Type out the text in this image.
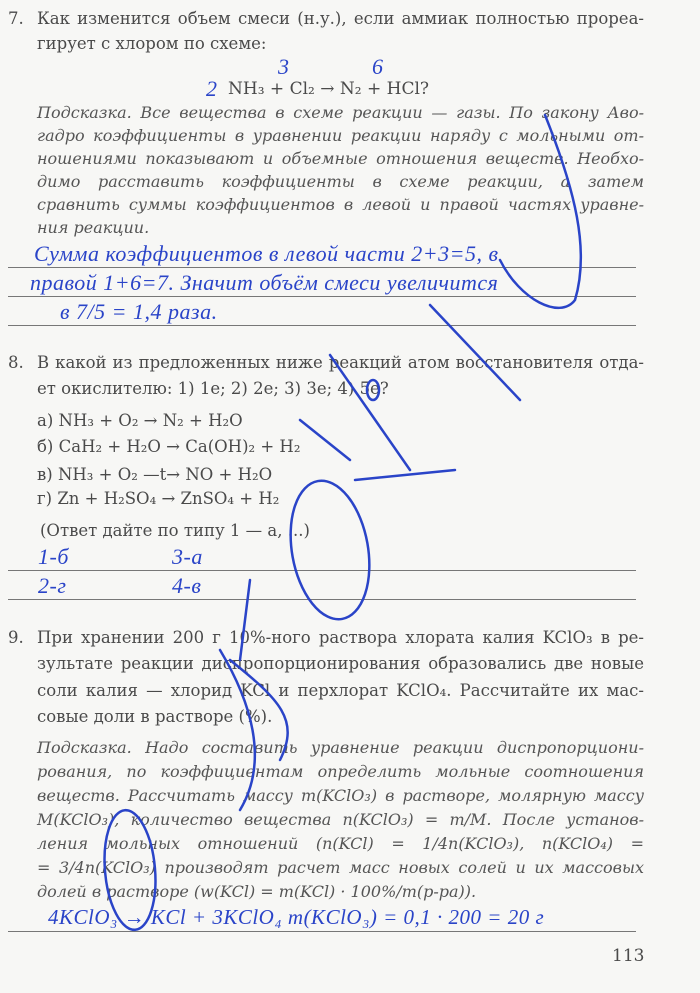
7. Как изменится объем смеси (н.у.), если аммиак полностью прореа-
гирует с хлором по схеме:
2
3	6
NH₃ + Cl₂ → N₂ + HCl?
Подсказка. Все вещества в схеме реакции — газы. По закону Аво-
гадро коэффициенты в уравнении реакции наряду с мольными от-
ношениями показывают и объемные отношения веществ. Необхо-
димо расставить коэффициенты в схеме реакции, а затем
сравнить суммы коэффициентов в левой и правой частях уравне-
ния реакции.
Сумма коэффициентов в левой части 2+3=5, в
правой 1+6=7. Значит объём смеси увеличится
в 7/5 = 1,4 раза.
8. В какой из предложенных ниже реакций атом восстановителя отда-
ет окислителю: 1) 1e; 2) 2e; 3) 3e; 4) 5e?
а) NH₃ + O₂ → N₂ + H₂O
б) CaH₂ + H₂O → Ca(OH)₂ + H₂
в) NH₃ + O₂ —t→ NO + H₂O
г) Zn + H₂SO₄ → ZnSO₄ + H₂
(Ответ дайте по типу 1 — а, ...)
1-б	3-а
2-г	4-в
9. При хранении 200 г 10%-ного раствора хлората калия KClO₃ в ре-
зультате реакции диспропорционирования образовались две новые
соли калия — хлорид KCl и перхлорат KClO₄. Рассчитайте их мас-
совые доли в растворе (%).
Подсказка. Надо составить уравнение реакции диспропорциони-
рования, по коэффициентам определить мольные соотношения
веществ. Рассчитать массу m(KClO₃) в растворе, молярную массу
M(KClO₃), количество вещества n(KClO₃) = m/M. После установ-
ления мольных отношений (n(KCl) = 1/4n(KClO₃), n(KClO₄) =
= 3/4n(KClO₃) производят расчет масс новых солей и их массовых
долей в растворе (w(KCl) = m(KCl) · 100%/m(р-ра)).
4KClO₃ → KCl + 3KClO₄ m(KClO₃) = 0,1 · 200 = 20 г
113
